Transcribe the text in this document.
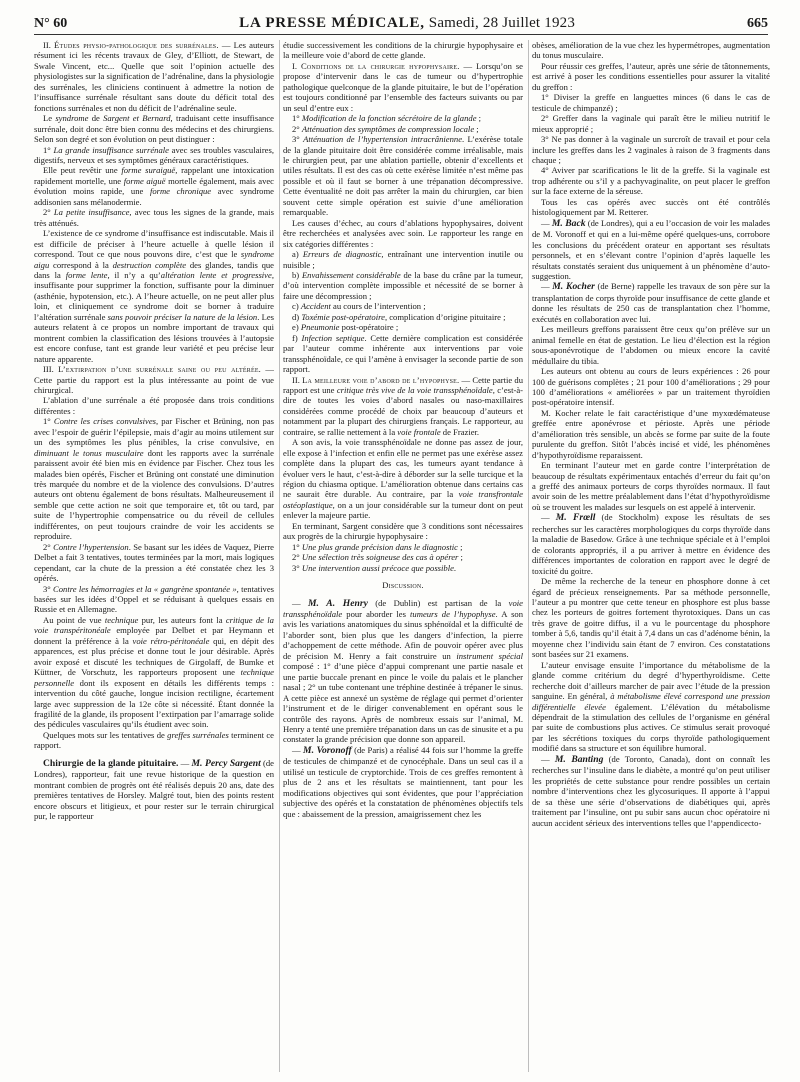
N° 60	LA PRESSE MÉDICALE, Samedi, 28 Juillet 1923	665

II. Études physio-pathologique des surrénales. — Les auteurs résument ici les récents travaux de Gley, d’Elliott, de Stewart, de Swale Vincent, etc... Quelle que soit l’opinion actuelle des physiologistes sur la signification de l’adrénaline, dans la physiologie des surrénales, les cliniciens continuent à admettre la notion de l’insuffisance surrénale résultant sans doute du déficit total des fonctions surrénales et non du déficit de l’adrénaline seule.

Le syndrome de Sargent et Bernard, traduisant cette insuffisance surrénale, doit donc être bien connu des médecins et des chirurgiens. Selon son degré et son évolution on peut distinguer :

1° La grande insuffisance surrénale avec ses troubles vasculaires, digestifs, nerveux et ses symptômes généraux caractéristiques.

Elle peut revêtir une forme suraiguë, rappelant une intoxication rapidement mortelle, une forme aiguë mortelle également, mais avec évolution moins rapide, une forme chronique avec syndrome addisonien sans mélanodermie.

2° La petite insuffisance, avec tous les signes de la grande, mais très atténués.

L’existence de ce syndrome d’insuffisance est indiscutable. Mais il est difficile de préciser à l’heure actuelle à quelle lésion il correspond. Tout ce que nous pouvons dire, c’est que le syndrome aigu correspond à la destruction complète des glandes, tandis que dans la forme lente, il n’y a qu’altération lente et progressive, insuffisante pour supprimer la fonction, suffisante pour la diminuer (asthénie, hypotension, etc.). A l’heure actuelle, on ne peut aller plus loin, et cliniquement ce syndrome doit se borner à traduire l’altération surrénale sans pouvoir préciser la nature de la lésion. Les auteurs relatent à ce propos un nombre important de travaux qui montrent combien la classification des lésions trouvées à l’autopsie est encore confuse, tant est grande leur variété et peu précise leur nature apparente.

III. L’extirpation d’une surrénale saine ou peu altérée. — Cette partie du rapport est la plus intéressante au point de vue chirurgical.

L’ablation d’une surrénale a été proposée dans trois conditions différentes :

1° Contre les crises convulsives, par Fischer et Brüning, non pas avec l’espoir de guérir l’épilepsie, mais d’agir au moins utilement sur un des symptômes les plus pénibles, la crise convulsive, en diminuant le tonus musculaire dont les rapports avec la surrénale paraissent avoir été bien mis en évidence par Fischer. Chez tous les malades bien opérés, Fischer et Brüning ont constaté une diminution très marquée du nombre et de la violence des convulsions. D’autres auteurs ont obtenu également de bons résultats. Malheureusement il semble que cette action ne soit que temporaire et, tôt ou tard, par suite de l’hypertrophie compensatrice ou du réveil de cellules indifférentes, on peut toujours craindre de voir les accidents se reproduire.

2° Contre l’hypertension. Se basant sur les idées de Vaquez, Pierre Delbet a fait 3 tentatives, toutes terminées par la mort, mais logiques cependant, car la chute de la pression a été constatée chez les 3 opérés.

3° Contre les hémorragies et la « gangrène spontanée », tentatives basées sur les idées d’Oppel et se réduisant à quelques essais en Russie et en Allemagne.

Au point de vue technique pur, les auteurs font la critique de la voie transpéritonéale employée par Delbet et par Heymann et donnent la préférence à la voie rétro-péritonéale qui, en dépit des apparences, est plus précise et donne tout le jour désirable. Après avoir exposé et discuté les techniques de Girgolaff, de Bumke et Küttner, de Vorschutz, les rapporteurs proposent une technique personnelle dont ils exposent en détails les différents temps : intervention du côté gauche, longue incision rectiligne, écartement large avec suppression de la 12e côte si nécessité. Étant donnée la fragilité de la glande, ils proposent l’extirpation par l’amarrage solide des pédicules vasculaires qu’ils étudient avec soin.

Quelques mots sur les tentatives de greffes surrénales terminent ce rapport.

Chirurgie de la glande pituitaire. — M. Percy Sargent (de Londres), rapporteur, fait une revue historique de la question en montrant combien de progrès ont été réalisés depuis 20 ans, date des premières tentatives de Horsley. Malgré tout, bien des points restent encore obscurs et litigieux, et pour rester sur le terrain chirurgical pur, le rapporteur

étudie successivement les conditions de la chirurgie hypophysaire et la meilleure voie d’abord de cette glande.

I. Conditions de la chirurgie hypophysaire. — Lorsqu’on se propose d’intervenir dans le cas de tumeur ou d’hypertrophie pathologique quelconque de la glande pituitaire, le but de l’opération est toujours conditionné par l’ensemble des facteurs suivants ou par un seul d’entre eux :

1° Modification de la fonction sécrétoire de la glande ;

2° Atténuation des symptômes de compression locale ;

3° Atténuation de l’hypertension intracrânienne. L’exérèse totale de la glande pituitaire doit être considérée comme irréalisable, mais le chirurgien peut, par une ablation partielle, obtenir d’excellents et utiles résultats. Il est des cas où cette exérèse limitée n’est même pas possible et où il faut se borner à une trépanation décompressive. Cette éventualité ne doit pas arrêter la main du chirurgien, car bien souvent cette simple opération est suivie d’une amélioration remarquable.

Les causes d’échec, au cours d’ablations hypophysaires, doivent être recherchées et analysées avec soin. Le rapporteur les range en six catégories différentes :

a) Erreurs de diagnostic, entraînant une intervention inutile ou nuisible ;

b) Envahissement considérable de la base du crâne par la tumeur, d’où intervention complète impossible et nécessité de se borner à faire une décompression ;

c) Accident au cours de l’intervention ;

d) Toxémie post-opératoire, complication d’origine pituitaire ;

e) Pneumonie post-opératoire ;

f) Infection septique. Cette dernière complication est considérée par l’auteur comme inhérente aux interventions par voie transsphénoïdale, ce qui l’amène à envisager la seconde partie de son rapport.

II. La meilleure voie d’abord de l’hypophyse. — Cette partie du rapport est une critique très vive de la voie transsphénoïdale, c’est-à-dire de toutes les voies d’abord nasales ou naso-maxillaires considérées comme procédé de choix par beaucoup d’auteurs et notamment par la plupart des chirurgiens français. Le rapporteur, au contraire, se rallie nettement à la voie frontale de Frazier.

A son avis, la voie transsphénoïdale ne donne pas assez de jour, elle expose à l’infection et enfin elle ne permet pas une exérèse assez complète dans la plupart des cas, les tumeurs ayant tendance à évoluer vers le haut, c’est-à-dire à déborder sur la selle turcique et la région du chiasma optique. L’amélioration obtenue dans certains cas ne saurait être durable. Au contraire, par la voie transfrontale ostéoplastique, on a un jour considérable sur la tumeur dont on peut enlever la majeure partie.

En terminant, Sargent considère que 3 conditions sont nécessaires aux progrès de la chirurgie hypophysaire :

1° Une plus grande précision dans le diagnostic ;

2° Une sélection très soigneuse des cas à opérer ;

3° Une intervention aussi précoce que possible.

Discussion.

— M. A. Henry (de Dublin) est partisan de la voie transsphénoïdale pour aborder les tumeurs de l’hypophyse. A son avis les variations anatomiques du sinus sphénoïdal et la difficulté de l’aborder sont, bien plus que les dangers d’infection, la pierre d’achoppement de cette méthode. Afin de pouvoir opérer avec plus de précision M. Henry a fait construire un instrument spécial composé : 1° d’une pièce d’appui comprenant une partie nasale et une partie buccale prenant en pince le voile du palais et le plancher nasal ; 2° un tube contenant une tréphine destinée à trépaner le sinus. A cette pièce est annexé un système de réglage qui permet d’orienter l’instrument et de le diriger convenablement en opérant sous le contrôle des rayons. Après de nombreux essais sur l’animal, M. Henry a tenté une première trépanation dans un cas de sinusite et a pu constater la grande précision que donne son appareil.

— M. Voronoff (de Paris) a réalisé 44 fois sur l’homme la greffe de testicules de chimpanzé et de cynocéphale. Dans un seul cas il a utilisé un testicule de cryptorchide. Trois de ces greffes remontent à plus de 2 ans et les résultats se maintiennent, tant pour les modifications objectives qui sont évidentes, que pour l’appréciation subjective des opérés et la constatation de phénomènes objectifs tels que : abaissement de la pression, amaigrissement chez les

obèses, amélioration de la vue chez les hypermétropes, augmentation du tonus musculaire.

Pour réussir ces greffes, l’auteur, après une série de tâtonnements, est arrivé à poser les conditions essentielles pour assurer la vitalité du greffon :

1° Diviser la greffe en languettes minces (6 dans le cas de testicule de chimpanzé) ;

2° Greffer dans la vaginale qui paraît être le milieu nutritif le mieux approprié ;

3° Ne pas donner à la vaginale un surcroît de travail et pour cela inclure les greffes dans les 2 vaginales à raison de 3 fragments dans chaque ;

4° Aviver par scarifications le lit de la greffe. Si la vaginale est trop adhérente ou s’il y a pachyvaginalite, on peut placer le greffon sur la face externe de la séreuse.

Tous les cas opérés avec succès ont été contrôlés histologiquement par M. Retterer.

— M. Back (de Londres), qui a eu l’occasion de voir les malades de M. Voronoff et qui en a lui-même opéré quelques-uns, corrobore les conclusions du précédent orateur en apportant ses résultats personnels, et en s’élevant contre l’opinion d’après laquelle les résultats constatés seraient dus uniquement à un phénomène d’auto-suggestion.

— M. Kocher (de Berne) rappelle les travaux de son père sur la transplantation de corps thyroïde pour insuffisance de cette glande et donne les résultats de 250 cas de transplantation chez l’homme, exécutés en collaboration avec lui.

Les meilleurs greffons paraissent être ceux qu’on prélève sur un animal femelle en état de gestation. Le lieu d’élection est la région sous-aponévrotique de l’abdomen ou mieux encore la cavité médullaire du tibia.

Les auteurs ont obtenu au cours de leurs expériences : 26 pour 100 de guérisons complètes ; 21 pour 100 d’améliorations ; 29 pour 100 d’améliorations « améliorées » par un traitement thyroïdien post-opératoire intensif.

M. Kocher relate le fait caractéristique d’une myxœdémateuse greffée entre aponévrose et périoste. Après une période d’amélioration très sensible, un abcès se forme par suite de la foute purulente du greffon. Sitôt l’abcès incisé et vidé, les phénomènes d’hypothyroïdisme reparaissent.

En terminant l’auteur met en garde contre l’interprétation de beaucoup de résultats expérimentaux entachés d’erreur du fait qu’on a greffé des animaux porteurs de corps thyroïdes normaux. Il faut avoir soin de les mettre préalablement dans l’état d’hypothyroïdisme où se trouvent les malades sur lesquels on est appelé à intervenir.

— M. Frœll (de Stockholm) expose les résultats de ses recherches sur les caractères morphologiques du corps thyroïde dans la maladie de Basedow. Grâce à une technique spéciale et à l’emploi de colorants appropriés, il a pu arriver à mettre en évidence des différences importantes de coloration en rapport avec le degré de toxicité du goitre.

De même la recherche de la teneur en phosphore donne à cet égard de précieux renseignements. Par sa méthode personnelle, l’auteur a pu montrer que cette teneur en phosphore est plus basse chez les porteurs de goitres fortement thyrotoxiques. Dans un cas très grave de goitre diffus, il a vu le pourcentage du phosphore tomber à 5,6, tandis qu’il était à 7,4 dans un cas d’adénome bénin, la moyenne chez l’individu sain étant de 7 environ. Ces constatations sont basées sur 21 examens.

L’auteur envisage ensuite l’importance du métabolisme de la glande comme critérium du degré d’hyperthyroïdisme. Cette recherche doit d’ailleurs marcher de pair avec l’étude de la pression sanguine. En général, à métabolisme élevé correspond une pression différentielle élevée également. L’élévation du métabolisme dépendrait de la stimulation des cellules de l’organisme en général par suite de combustions plus actives. Ce stimulus serait provoqué par les sécrétions toxiques du corps thyroïde pathologiquement modifié dans sa structure et son équilibre humoral.

— M. Banting (de Toronto, Canada), dont on connaît les recherches sur l’insuline dans le diabète, a montré qu’on peut utiliser les propriétés de cette substance pour rendre possibles un certain nombre d’interventions chez les glycosuriques. Il apporte à l’appui de sa thèse une série d’observations de diabétiques qui, après traitement par l’insuline, ont pu subir sans aucun choc opératoire ni aucun accident sérieux des interventions telles que l’appendicecto-
